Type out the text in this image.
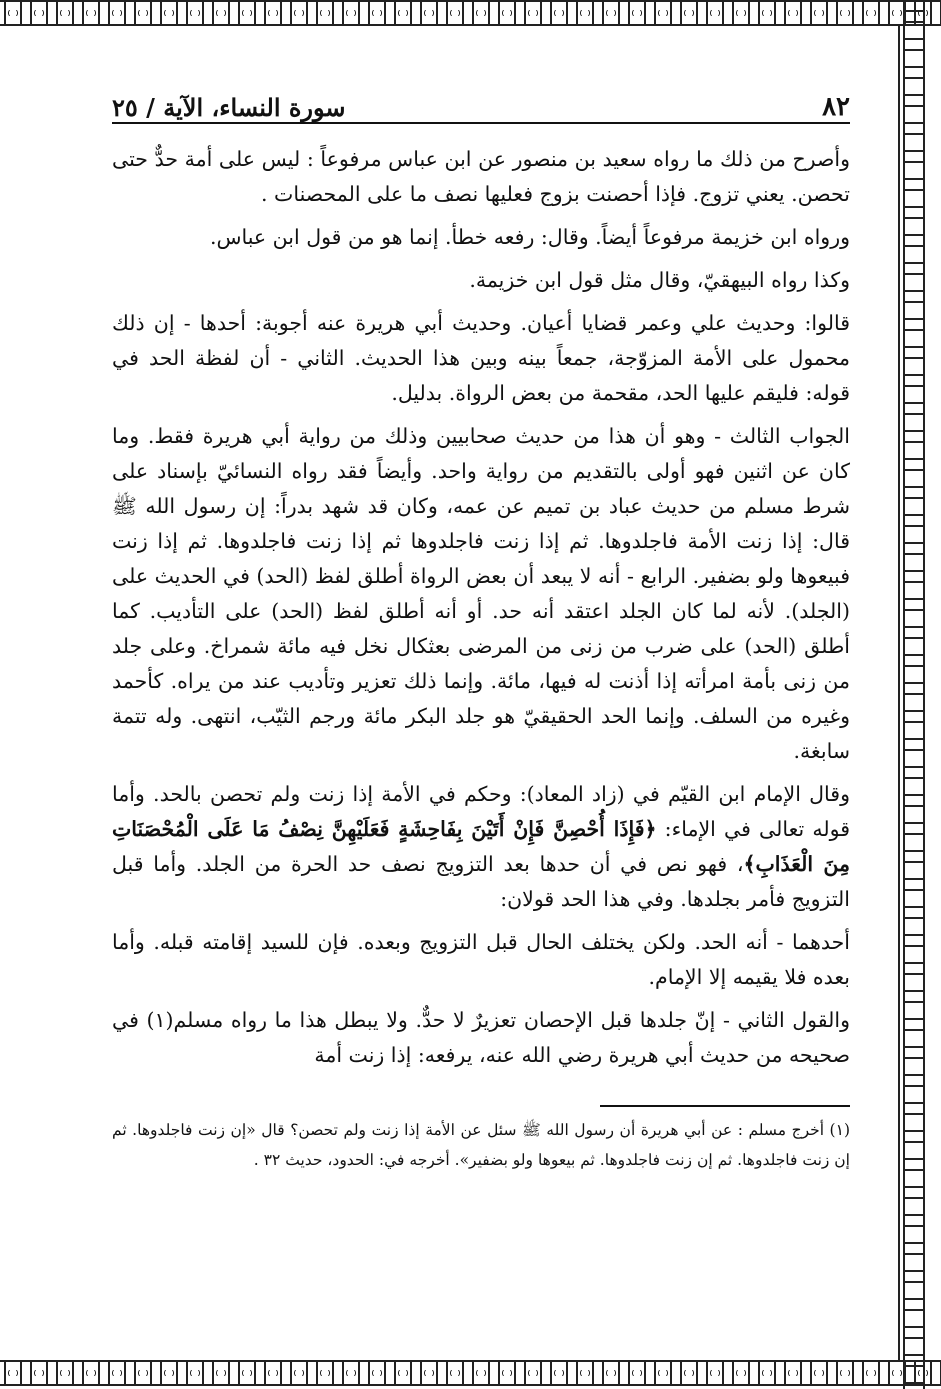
٨٢
سورة النساء، الآية / ٢٥

وأصرح من ذلك ما رواه سعيد بن منصور عن ابن عباس مرفوعاً : ليس على أمة حدٌّ حتى تحصن. يعني تزوج. فإذا أحصنت بزوج فعليها نصف ما على المحصنات .

ورواه ابن خزيمة مرفوعاً أيضاً. وقال: رفعه خطأ. إنما هو من قول ابن عباس.

وكذا رواه البيهقيّ، وقال مثل قول ابن خزيمة.

قالوا: وحديث علي وعمر قضايا أعيان. وحديث أبي هريرة عنه أجوبة: أحدها - إن ذلك محمول على الأمة المزوّجة، جمعاً بينه وبين هذا الحديث. الثاني - أن لفظة الحد في قوله: فليقم عليها الحد، مقحمة من بعض الرواة. بدليل.

الجواب الثالث - وهو أن هذا من حديث صحابيين وذلك من رواية أبي هريرة فقط. وما كان عن اثنين فهو أولى بالتقديم من رواية واحد. وأيضاً فقد رواه النسائيّ بإسناد على شرط مسلم من حديث عباد بن تميم عن عمه، وكان قد شهد بدراً: إن رسول الله ﷺ قال: إذا زنت الأمة فاجلدوها. ثم إذا زنت فاجلدوها ثم إذا زنت فاجلدوها. ثم إذا زنت فبيعوها ولو بضفير. الرابع - أنه لا يبعد أن بعض الرواة أطلق لفظ (الحد) في الحديث على (الجلد). لأنه لما كان الجلد اعتقد أنه حد. أو أنه أطلق لفظ (الحد) على التأديب. كما أطلق (الحد) على ضرب من زنى من المرضى بعثكال نخل فيه مائة شمراخ. وعلى جلد من زنى بأمة امرأته إذا أذنت له فيها، مائة. وإنما ذلك تعزير وتأديب عند من يراه. كأحمد وغيره من السلف. وإنما الحد الحقيقيّ هو جلد البكر مائة ورجم الثيّب، انتهى. وله تتمة سابغة.

وقال الإمام ابن القيّم في (زاد المعاد): وحكم في الأمة إذا زنت ولم تحصن بالحد. وأما قوله تعالى في الإماء: ﴿فَإِذَا أُحْصِنَّ فَإِنْ أَتَيْنَ بِفَاحِشَةٍ فَعَلَيْهِنَّ نِصْفُ مَا عَلَى الْمُحْصَنَاتِ مِنَ الْعَذَابِ﴾، فهو نص في أن حدها بعد التزويج نصف حد الحرة من الجلد. وأما قبل التزويج فأمر بجلدها. وفي هذا الحد قولان:

أحدهما - أنه الحد. ولكن يختلف الحال قبل التزويج وبعده. فإن للسيد إقامته قبله. وأما بعده فلا يقيمه إلا الإمام.

والقول الثاني - إنّ جلدها قبل الإحصان تعزيرٌ لا حدٌّ. ولا يبطل هذا ما رواه مسلم(١) في صحيحه من حديث أبي هريرة رضي الله عنه، يرفعه: إذا زنت أمة

(١) أخرج مسلم : عن أبي هريرة أن رسول الله ﷺ سئل عن الأمة إذا زنت ولم تحصن؟ قال «إن زنت فاجلدوها. ثم إن زنت فاجلدوها. ثم إن زنت فاجلدوها. ثم بيعوها ولو بضفير». أخرجه في: الحدود، حديث ٣٢ .
